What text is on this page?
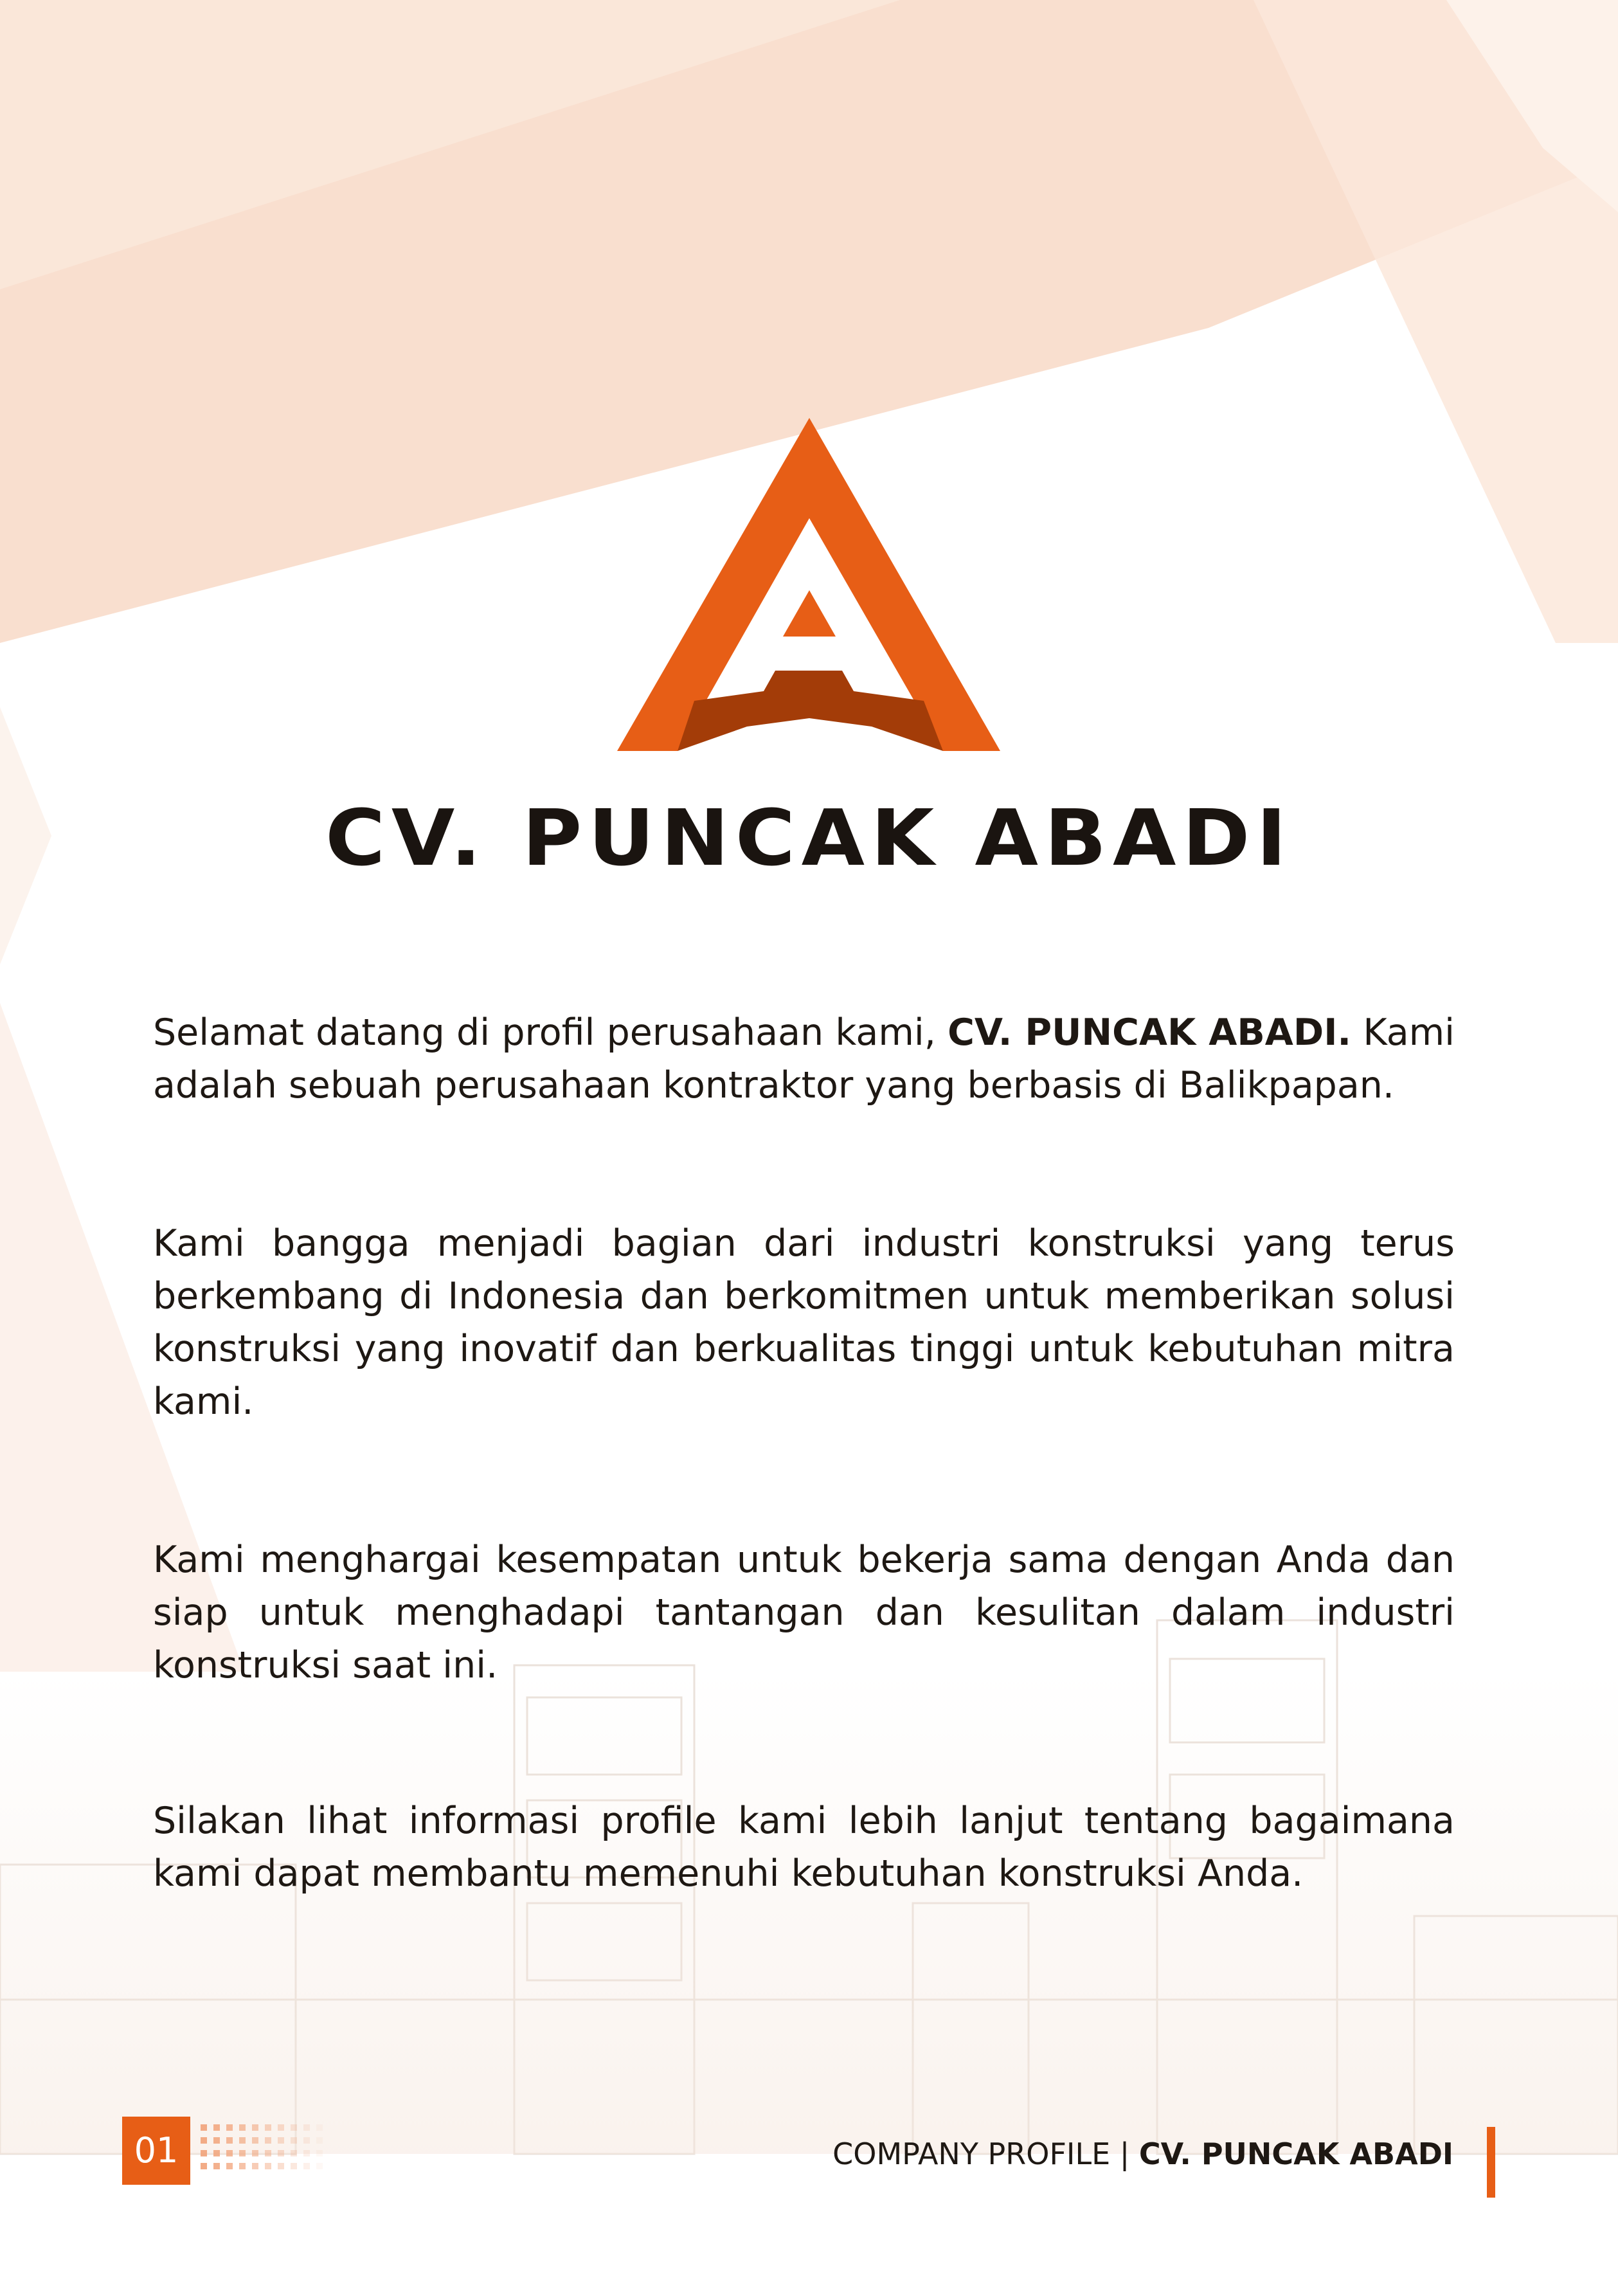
CV. PUNCAK ABADI

Selamat datang di profil perusahaan kami, CV. PUNCAK ABADI. Kami adalah sebuah perusahaan kontraktor yang berbasis di Balikpapan.

Kami bangga menjadi bagian dari industri konstruksi yang terus berkembang di Indonesia dan berkomitmen untuk memberikan solusi konstruksi yang inovatif dan berkualitas tinggi untuk kebutuhan mitra kami.

Kami menghargai kesempatan untuk bekerja sama dengan Anda dan siap untuk menghadapi tantangan dan kesulitan dalam industri konstruksi saat ini.

Silakan lihat informasi profile kami lebih lanjut tentang bagaimana kami dapat membantu memenuhi kebutuhan konstruksi Anda.

01	COMPANY PROFILE | CV. PUNCAK ABADI
